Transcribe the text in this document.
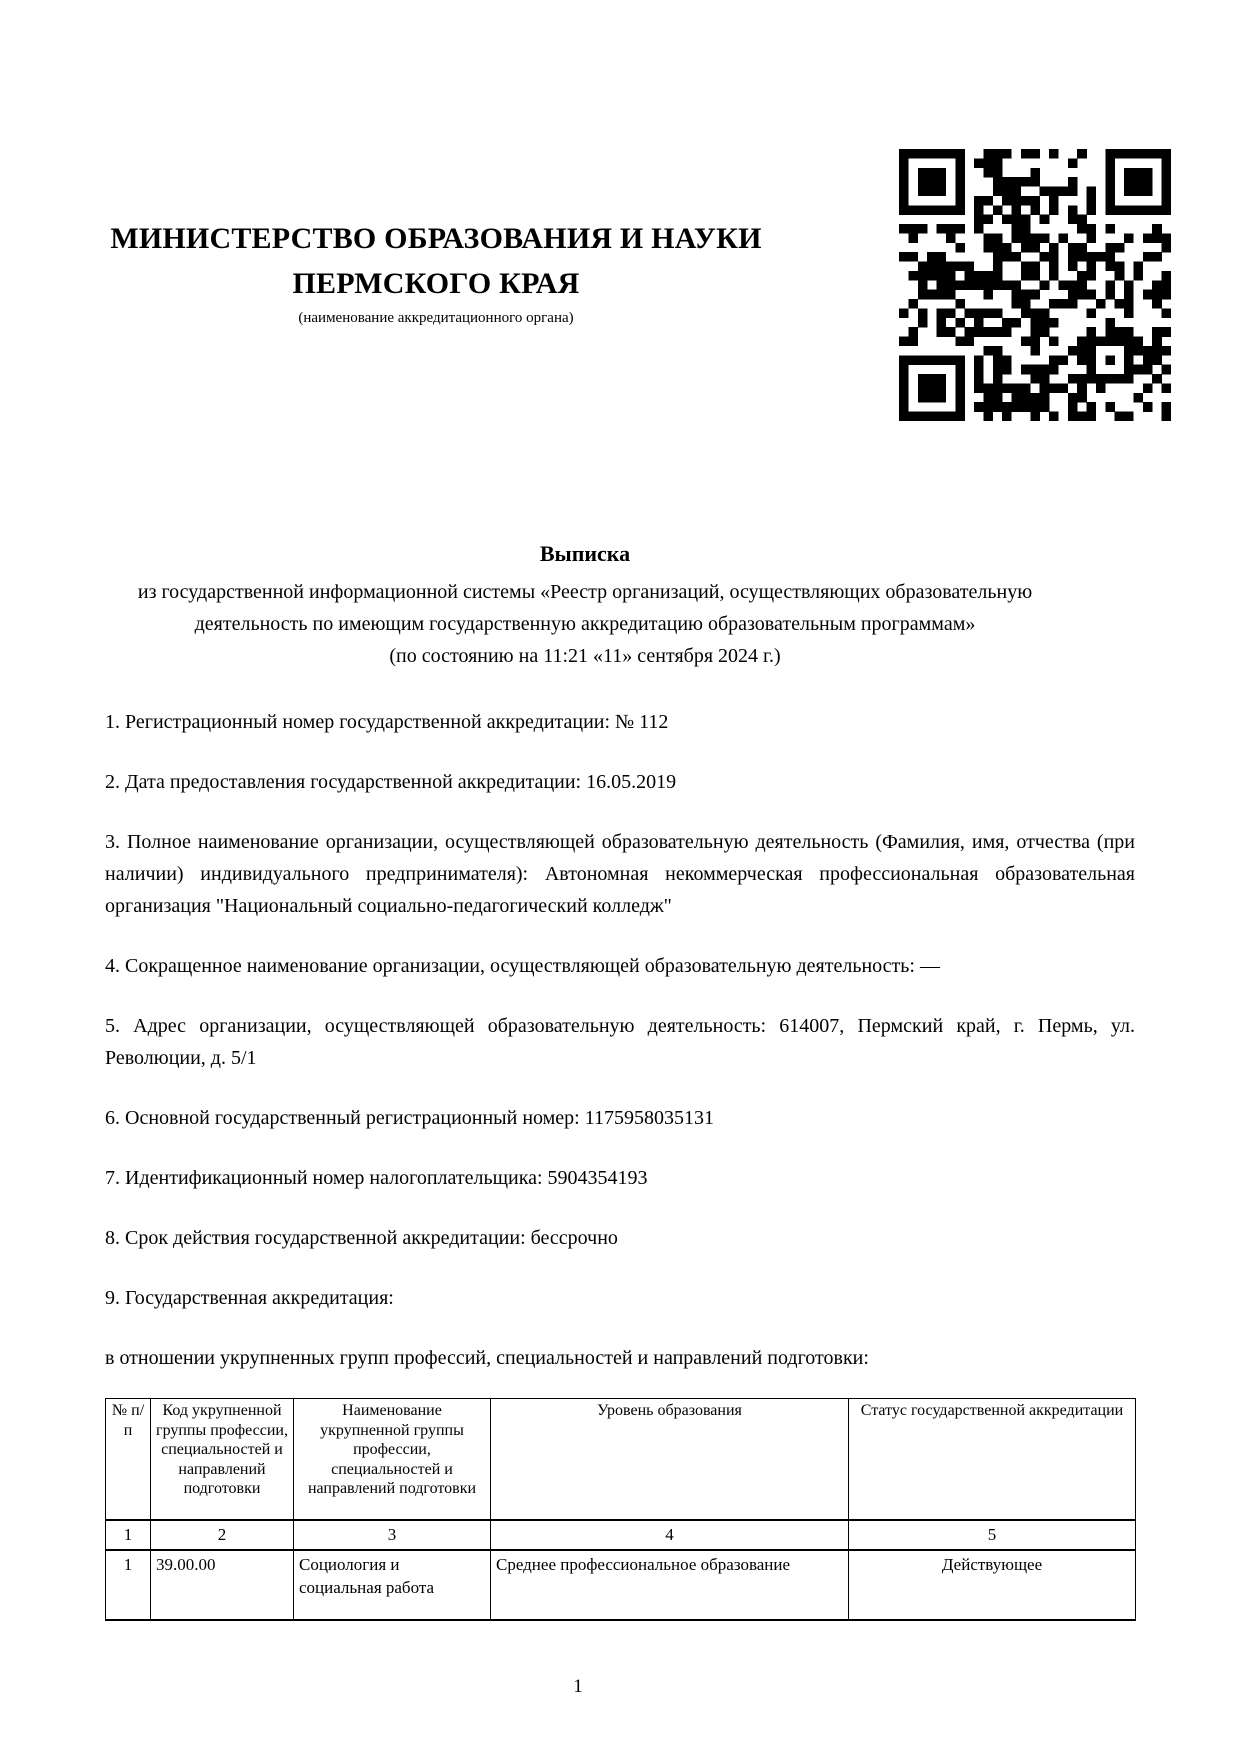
МИНИСТЕРСТВО ОБРАЗОВАНИЯ И НАУКИ
ПЕРМСКОГО КРАЯ
(наименование аккредитационного органа)
Выписка
из государственной информационной системы «Реестр организаций, осуществляющих образовательную
деятельность по имеющим государственную аккредитацию образовательным программам»
(по состоянию на 11:21 «11» сентября 2024 г.)

1. Регистрационный номер государственной аккредитации: № 112

2. Дата предоставления государственной аккредитации: 16.05.2019

3. Полное наименование организации, осуществляющей образовательную деятельность (Фамилия, имя, отчества (при наличии) индивидуального предпринимателя): Автономная некоммерческая профессиональная образовательная организация "Национальный социально-педагогический колледж"

4. Сокращенное наименование организации, осуществляющей образовательную деятельность: —

5. Адрес организации, осуществляющей образовательную деятельность: 614007, Пермский край, г. Пермь, ул. Революции, д. 5/1

6. Основной государственный регистрационный номер: 1175958035131

7. Идентификационный номер налогоплательщика: 5904354193

8. Срок действия государственной аккредитации: бессрочно

9. Государственная аккредитация:

в отношении укрупненных групп профессий, специальностей и направлений подготовки:

№ п/п	Код укрупненной группы профессии, специальностей и направлений подготовки	Наименование укрупненной группы профессии, специальностей и направлений подготовки	Уровень образования	Статус государственной аккредитации
1	2	3	4	5
1	39.00.00	Социология и социальная работа	Среднее профессиональное образование	Действующее
1
